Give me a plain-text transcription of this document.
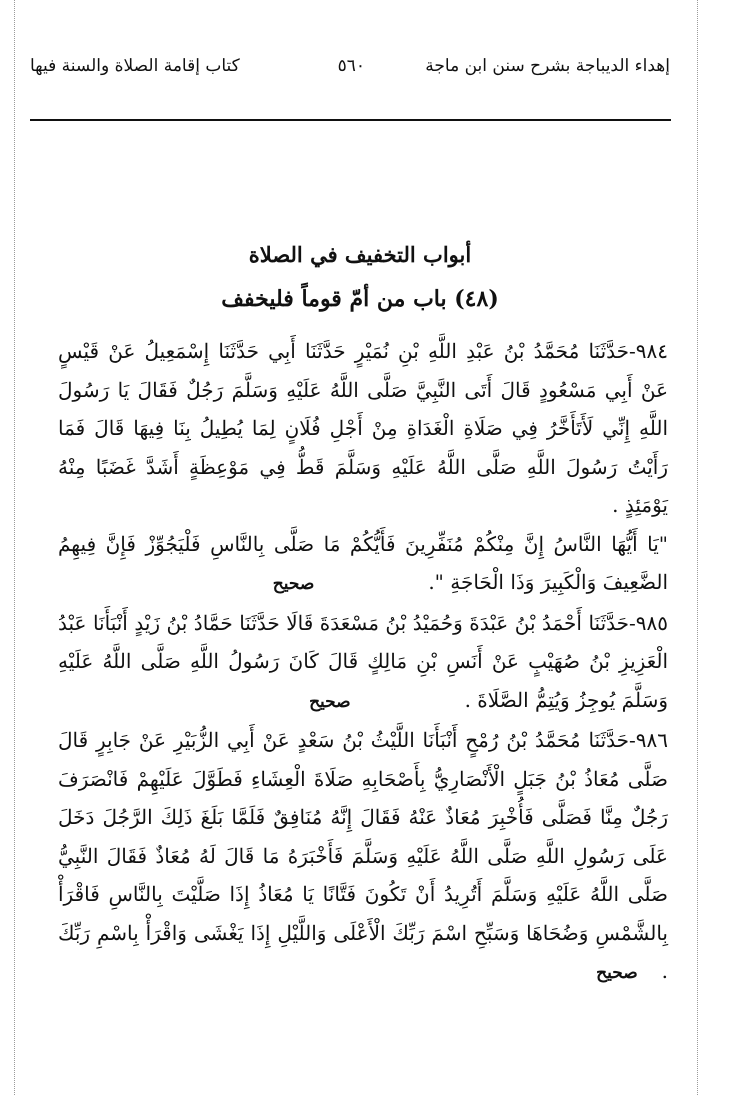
إهداء الديباجة بشرح سنن ابن ماجة
٥٦٠
كتاب إقامة الصلاة والسنة فيها
أبواب التخفيف في الصلاة
(٤٨) باب من أمّ قوماً فليخفف

٩٨٤-حَدَّثَنَا مُحَمَّدُ بْنُ عَبْدِ اللَّهِ بْنِ نُمَيْرٍ حَدَّثَنَا أَبِي حَدَّثَنَا إِسْمَعِيلُ عَنْ قَيْسٍ عَنْ أَبِي مَسْعُودٍ قَالَ أَتَى النَّبِيَّ صَلَّى اللَّهُ عَلَيْهِ وَسَلَّمَ رَجُلٌ فَقَالَ يَا رَسُولَ اللَّهِ إِنِّي لَأَتَأَخَّرُ فِي صَلَاةِ الْغَدَاةِ مِنْ أَجْلِ فُلَانٍ لِمَا يُطِيلُ بِنَا فِيهَا قَالَ فَمَا رَأَيْتُ رَسُولَ اللَّهِ صَلَّى اللَّهُ عَلَيْهِ وَسَلَّمَ قَطُّ فِي مَوْعِظَةٍ أَشَدَّ غَضَبًا مِنْهُ يَوْمَئِذٍ .

"يَا أَيُّهَا النَّاسُ إِنَّ مِنْكُمْ مُنَفِّرِينَ فَأَيُّكُمْ مَا صَلَّى بِالنَّاسِ فَلْيَجُوِّزْ فَإِنَّ فِيهِمُ الضَّعِيفَ وَالْكَبِيرَ وَذَا الْحَاجَةِ ".صحيح

٩٨٥-حَدَّثَنَا أَحْمَدُ بْنُ عَبْدَةَ وَحُمَيْدُ بْنُ مَسْعَدَةَ قَالَا حَدَّثَنَا حَمَّادُ بْنُ زَيْدٍ أَنْبَأَنَا عَبْدُ الْعَزِيزِ بْنُ صُهَيْبٍ عَنْ أَنَسِ بْنِ مَالِكٍ قَالَ كَانَ رَسُولُ اللَّهِ صَلَّى اللَّهُ عَلَيْهِ وَسَلَّمَ يُوجِزُ وَيُتِمُّ الصَّلَاةَ .صحيح

٩٨٦-حَدَّثَنَا مُحَمَّدُ بْنُ رُمْحٍ أَنْبَأَنَا اللَّيْثُ بْنُ سَعْدٍ عَنْ أَبِي الزُّبَيْرِ عَنْ جَابِرٍ قَالَ صَلَّى مُعَاذُ بْنُ جَبَلٍ الْأَنْصَارِيُّ بِأَصْحَابِهِ صَلَاةَ الْعِشَاءِ فَطَوَّلَ عَلَيْهِمْ فَانْصَرَفَ رَجُلٌ مِنَّا فَصَلَّى فَأُخْبِرَ مُعَاذٌ عَنْهُ فَقَالَ إِنَّهُ مُنَافِقٌ فَلَمَّا بَلَغَ ذَلِكَ الرَّجُلَ دَخَلَ عَلَى رَسُولِ اللَّهِ صَلَّى اللَّهُ عَلَيْهِ وَسَلَّمَ فَأَخْبَرَهُ مَا قَالَ لَهُ مُعَاذٌ فَقَالَ النَّبِيُّ صَلَّى اللَّهُ عَلَيْهِ وَسَلَّمَ أَتُرِيدُ أَنْ تَكُونَ فَتَّانًا يَا مُعَاذُ إِذَا صَلَّيْتَ بِالنَّاسِ فَاقْرَأْ بِالشَّمْسِ وَضُحَاهَا وَسَبِّحِ اسْمَ رَبِّكَ الْأَعْلَى وَاللَّيْلِ إِذَا يَغْشَى وَاقْرَأْ بِاسْمِ رَبِّكَ .صحيح
